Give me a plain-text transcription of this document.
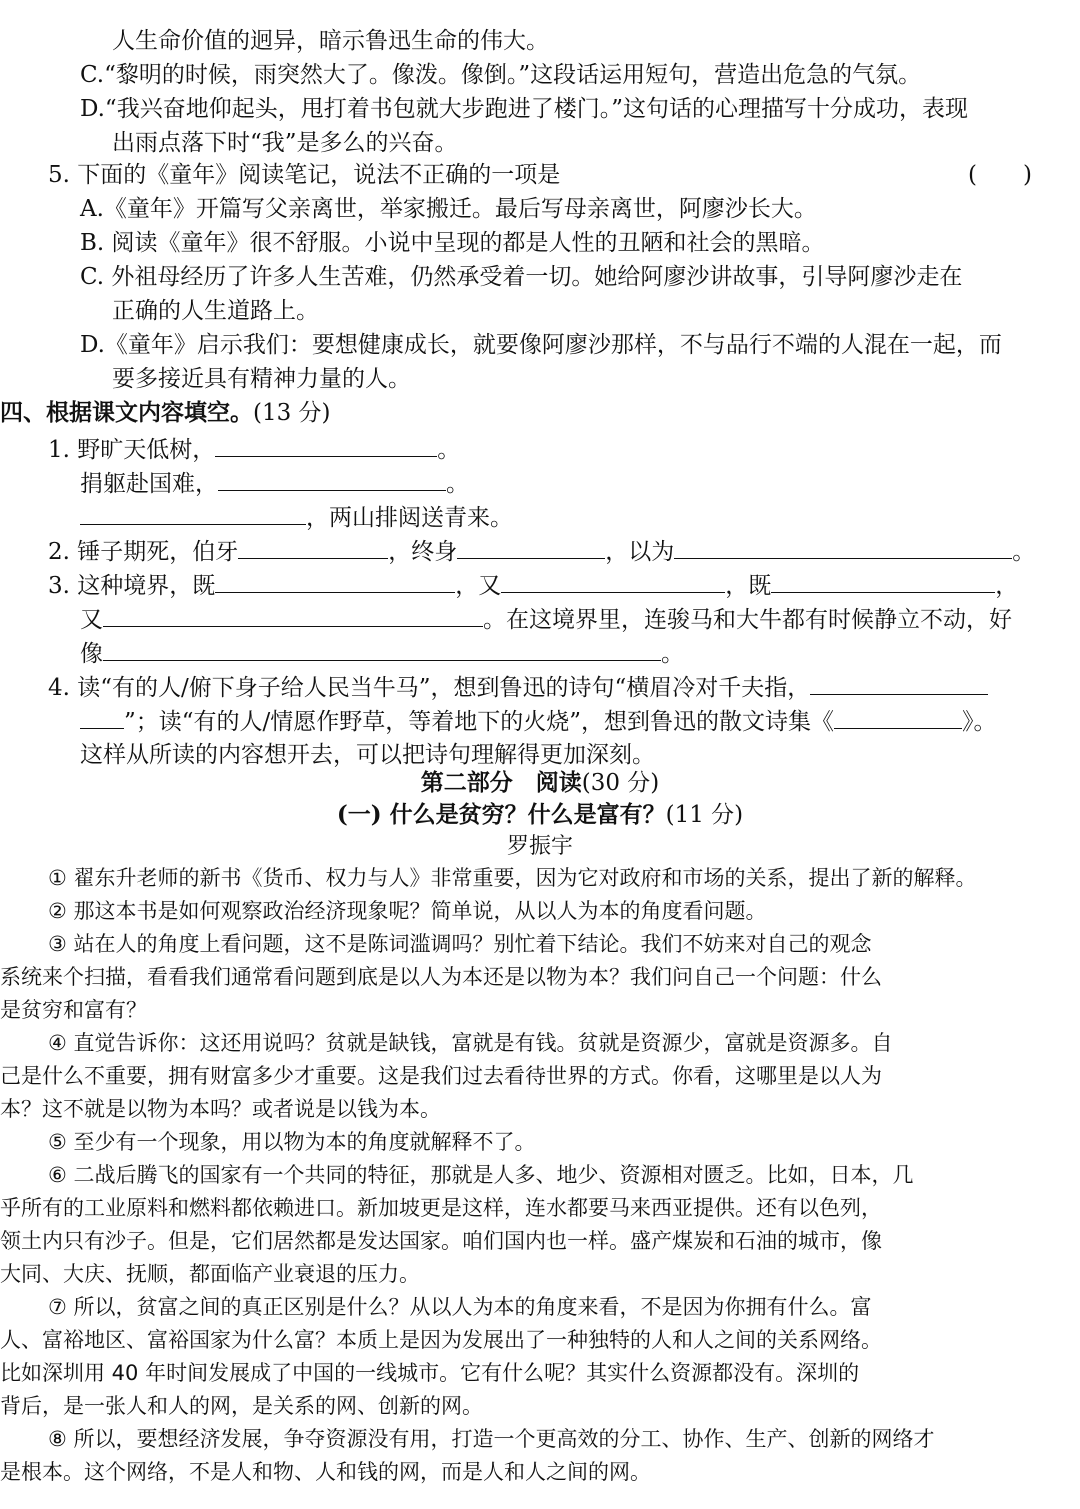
人生命价值的迥异，暗示鲁迅生命的伟大。
C.“黎明的时候，雨突然大了。像泼。像倒。”这段话运用短句，营造出危急的气氛。
D.“我兴奋地仰起头，甩打着书包就大步跑进了楼门。”这句话的心理描写十分成功，表现
出雨点落下时“我”是多么的兴奋。
5. 下面的《童年》阅读笔记，说法不正确的一项是	(　　)
A.《童年》开篇写父亲离世，举家搬迁。最后写母亲离世，阿廖沙长大。
B. 阅读《童年》很不舒服。小说中呈现的都是人性的丑陋和社会的黑暗。
C. 外祖母经历了许多人生苦难，仍然承受着一切。她给阿廖沙讲故事，引导阿廖沙走在
正确的人生道路上。
D.《童年》启示我们：要想健康成长，就要像阿廖沙那样，不与品行不端的人混在一起，而
要多接近具有精神力量的人。
四、根据课文内容填空。(13 分)
1. 野旷天低树，	。
捐躯赴国难，	。
，两山排闼送青来。
2. 锤子期死，伯牙	，终身	，以为	。
3. 这种境界，既	，又	，既	，
又	。在这境界里，连骏马和大牛都有时候静立不动，好
像	。
4. 读“有的人/俯下身子给人民当牛马”，想到鲁迅的诗句“横眉冷对千夫指，
”；读“有的人/情愿作野草，等着地下的火烧”，想到鲁迅的散文诗集《	》。
这样从所读的内容想开去，可以把诗句理解得更加深刻。
第二部分　阅读(30 分)
(一) 什么是贫穷？什么是富有？(11 分)
罗振宇
① 翟东升老师的新书《货币、权力与人》非常重要，因为它对政府和市场的关系，提出了新的解释。
② 那这本书是如何观察政治经济现象呢？简单说，从以人为本的角度看问题。
③ 站在人的角度上看问题，这不是陈词滥调吗？别忙着下结论。我们不妨来对自己的观念
系统来个扫描，看看我们通常看问题到底是以人为本还是以物为本？我们问自己一个问题：什么
是贫穷和富有？
④ 直觉告诉你：这还用说吗？贫就是缺钱，富就是有钱。贫就是资源少，富就是资源多。自
己是什么不重要，拥有财富多少才重要。这是我们过去看待世界的方式。你看，这哪里是以人为
本？这不就是以物为本吗？或者说是以钱为本。
⑤ 至少有一个现象，用以物为本的角度就解释不了。
⑥ 二战后腾飞的国家有一个共同的特征，那就是人多、地少、资源相对匮乏。比如，日本，几
乎所有的工业原料和燃料都依赖进口。新加坡更是这样，连水都要马来西亚提供。还有以色列，
领土内只有沙子。但是，它们居然都是发达国家。咱们国内也一样。盛产煤炭和石油的城市，像
大同、大庆、抚顺，都面临产业衰退的压力。
⑦ 所以，贫富之间的真正区别是什么？从以人为本的角度来看，不是因为你拥有什么。富
人、富裕地区、富裕国家为什么富？本质上是因为发展出了一种独特的人和人之间的关系网络。
比如深圳用 40 年时间发展成了中国的一线城市。它有什么呢？其实什么资源都没有。深圳的
背后，是一张人和人的网，是关系的网、创新的网。
⑧ 所以，要想经济发展，争夺资源没有用，打造一个更高效的分工、协作、生产、创新的网络才
是根本。这个网络，不是人和物、人和钱的网，而是人和人之间的网。
